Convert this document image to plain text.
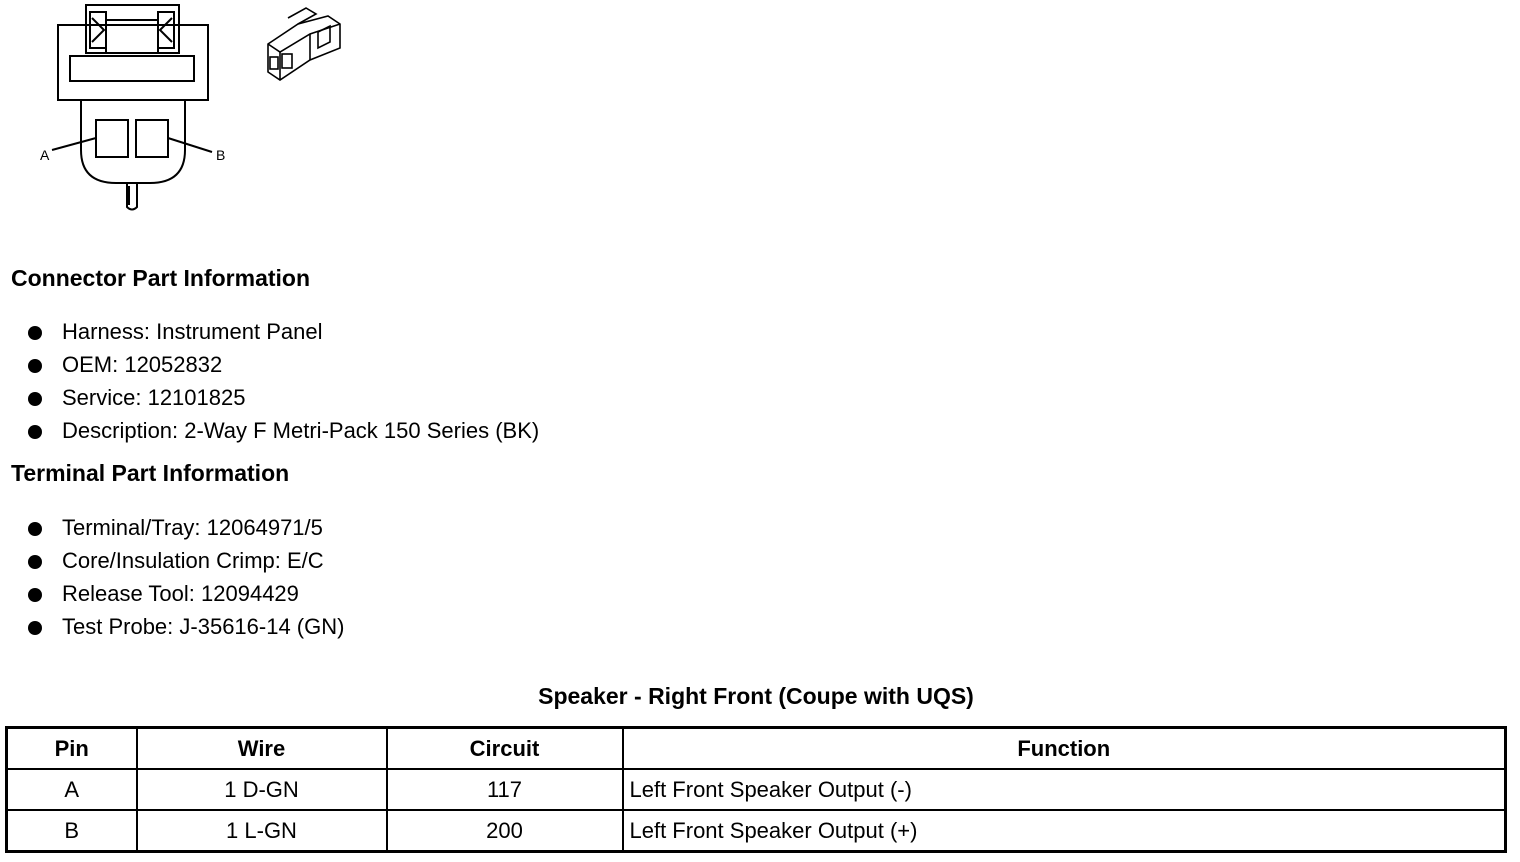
A	B
Connector Part Information
Harness: Instrument Panel
OEM: 12052832
Service: 12101825
Description: 2-Way F Metri-Pack 150 Series (BK)
Terminal Part Information
Terminal/Tray: 12064971/5
Core/Insulation Crimp: E/C
Release Tool: 12094429
Test Probe: J-35616-14 (GN)
Speaker - Right Front (Coupe with UQS)
Pin	Wire	Circuit	Function
A	1 D-GN	117	Left Front Speaker Output (-)
B	1 L-GN	200	Left Front Speaker Output (+)
